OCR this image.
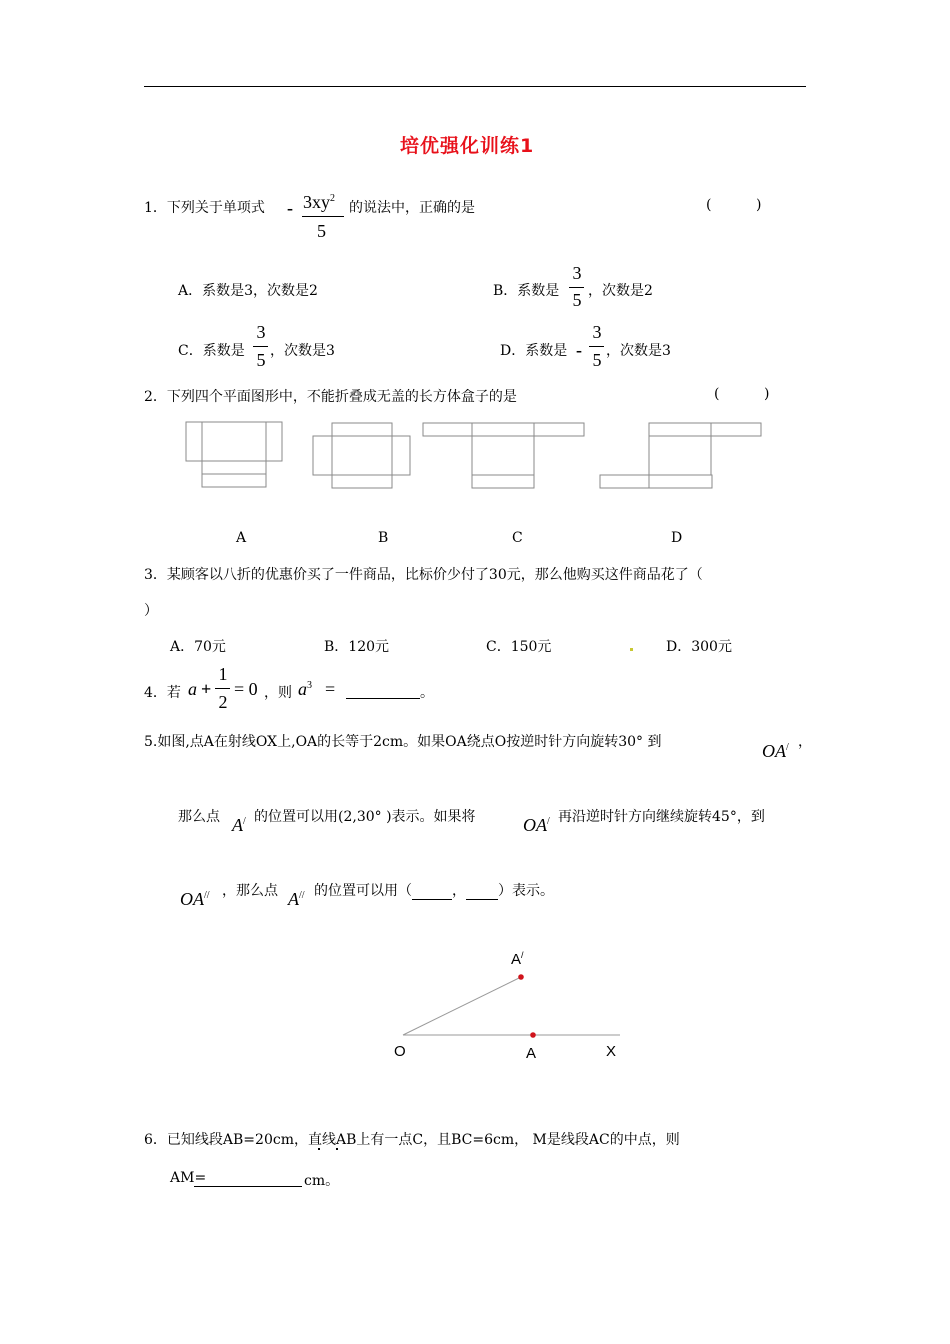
培优强化训练1
1．下列关于单项式 - $3xy^2$
5
的说法中，正确的是	(          )
A．系数是3，次数是2	B．系数是
3
5 ，次数是2
C．系数是
3
5 ，次数是3	D．系数是 -
3
5 ，次数是3
2．下列四个平面图形中，不能折叠成无盖的长方体盒子的是	(          )
A	B	C	D
3．某顾客以八折的优惠价买了一件商品，比标价少付了30元，那么他购买这件商品花了（
）
A．70元	B．120元	C．150元	D．300元
4．若 a +
1
2
= 0 ，则 $a^3$ =	。
5.如图,点A在射线OX上,OA的长等于2cm。如果OA绕点O按逆时针方向旋转30° 到	OA/ ，
那么点 A/ 的位置可以用(2,30° )表示。如果将	OA/ 再沿逆时针方向继续旋转45°，到
OA// ，那么点 A// 的位置可以用（	， ）表示。
A/
O	A	X
6．已知线段AB=20cm，直线AB上有一点C，且BC=6cm， M是线段AC的中点，则
AM=	cm。
